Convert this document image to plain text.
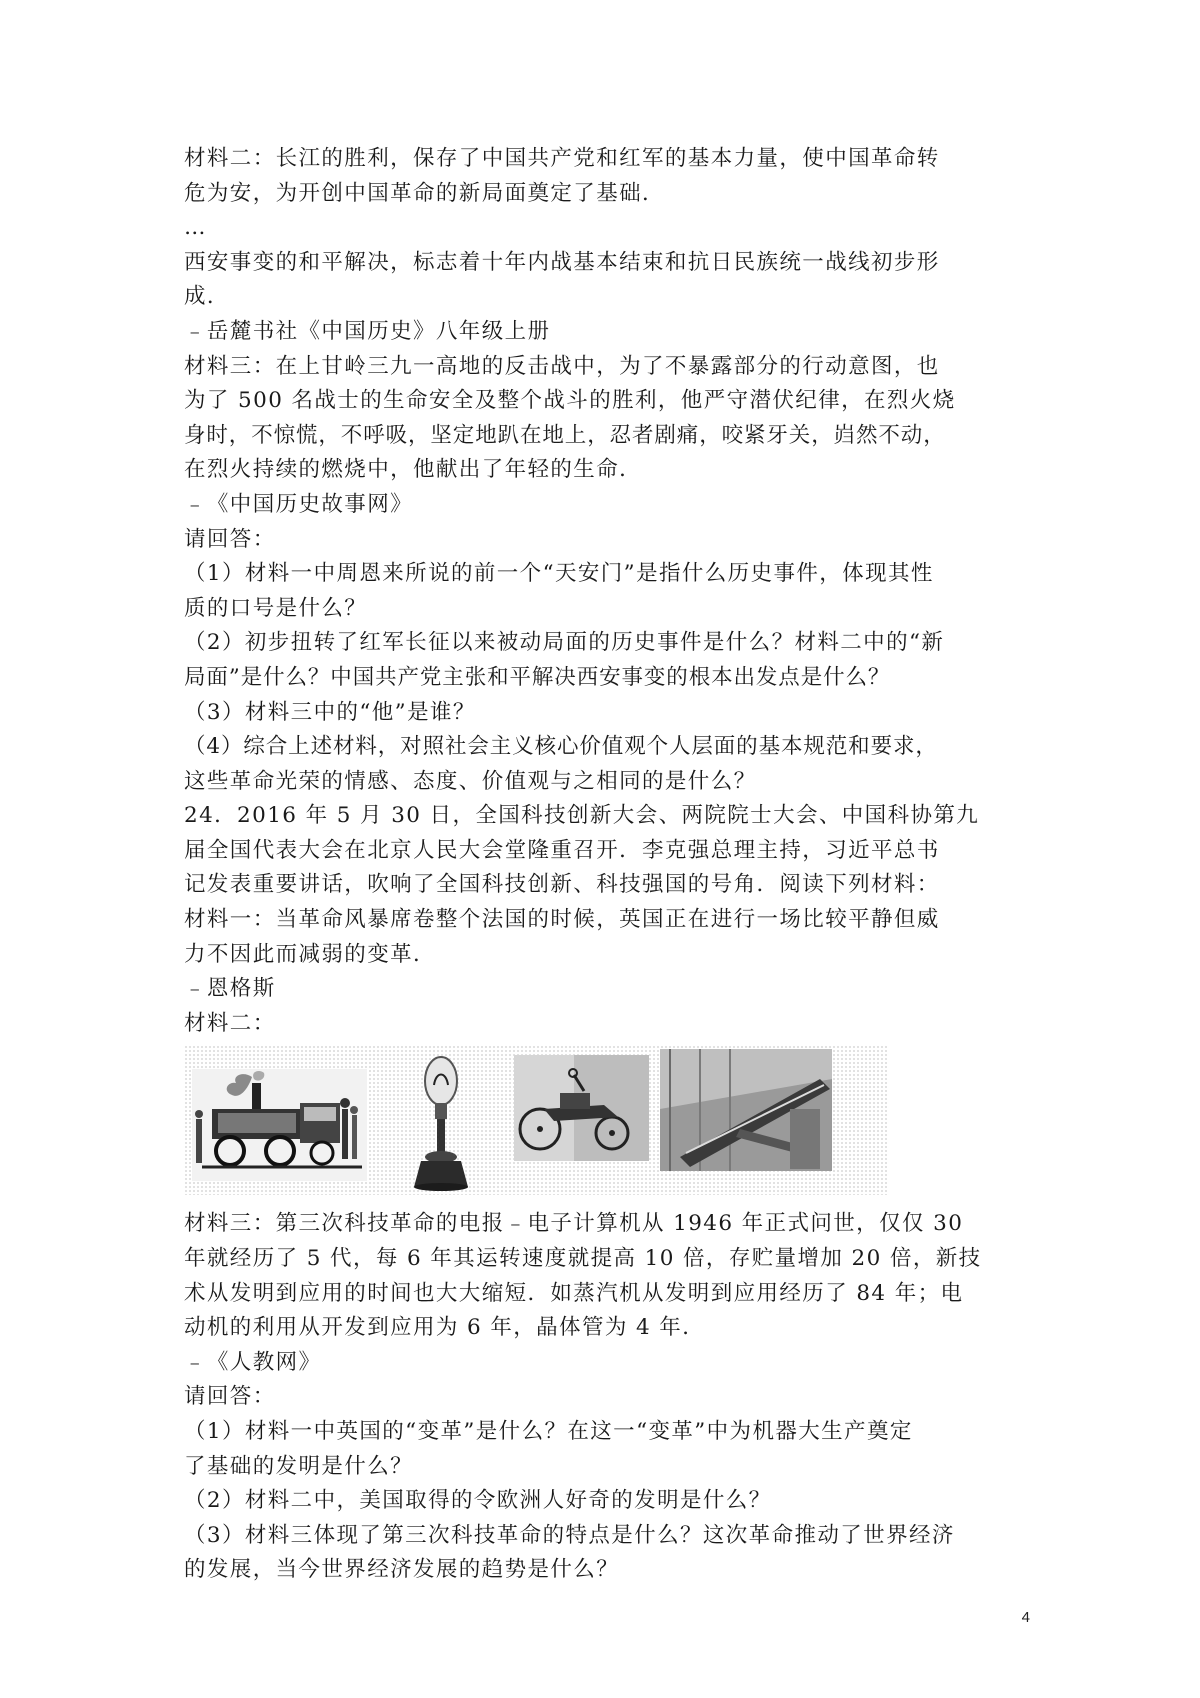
材料二：长江的胜利，保存了中国共产党和红军的基本力量，使中国革命转

危为安，为开创中国革命的新局面奠定了基础．

…

西安事变的和平解决，标志着十年内战基本结束和抗日民族统一战线初步形

成．

﹣岳麓书社《中国历史》八年级上册

材料三：在上甘岭三九一高地的反击战中，为了不暴露部分的行动意图，也

为了 500 名战士的生命安全及整个战斗的胜利，他严守潜伏纪律，在烈火烧

身时，不惊慌，不呼吸，坚定地趴在地上，忍者剧痛，咬紧牙关，岿然不动，

在烈火持续的燃烧中，他献出了年轻的生命．

﹣《中国历史故事网》

请回答：

（1）材料一中周恩来所说的前一个“天安门”是指什么历史事件，体现其性

质的口号是什么？

（2）初步扭转了红军长征以来被动局面的历史事件是什么？材料二中的“新

局面”是什么？中国共产党主张和平解决西安事变的根本出发点是什么？

（3）材料三中的“他”是谁？

（4）综合上述材料，对照社会主义核心价值观个人层面的基本规范和要求，

这些革命光荣的情感、态度、价值观与之相同的是什么？

24．2016 年 5 月 30 日，全国科技创新大会、两院院士大会、中国科协第九

届全国代表大会在北京人民大会堂隆重召开．李克强总理主持，习近平总书

记发表重要讲话，吹响了全国科技创新、科技强国的号角．阅读下列材料：

材料一：当革命风暴席卷整个法国的时候，英国正在进行一场比较平静但威

力不因此而减弱的变革．

﹣恩格斯

材料二：

材料三：第三次科技革命的电报﹣电子计算机从 1946 年正式问世，仅仅 30

年就经历了 5 代，每 6 年其运转速度就提高 10 倍，存贮量增加 20 倍，新技

术从发明到应用的时间也大大缩短．如蒸汽机从发明到应用经历了 84 年；电

动机的利用从开发到应用为 6 年，晶体管为 4 年．

﹣《人教网》

请回答：

（1）材料一中英国的“变革”是什么？在这一“变革”中为机器大生产奠定

了基础的发明是什么？

（2）材料二中，美国取得的令欧洲人好奇的发明是什么？

（3）材料三体现了第三次科技革命的特点是什么？这次革命推动了世界经济

的发展，当今世界经济发展的趋势是什么？

4
